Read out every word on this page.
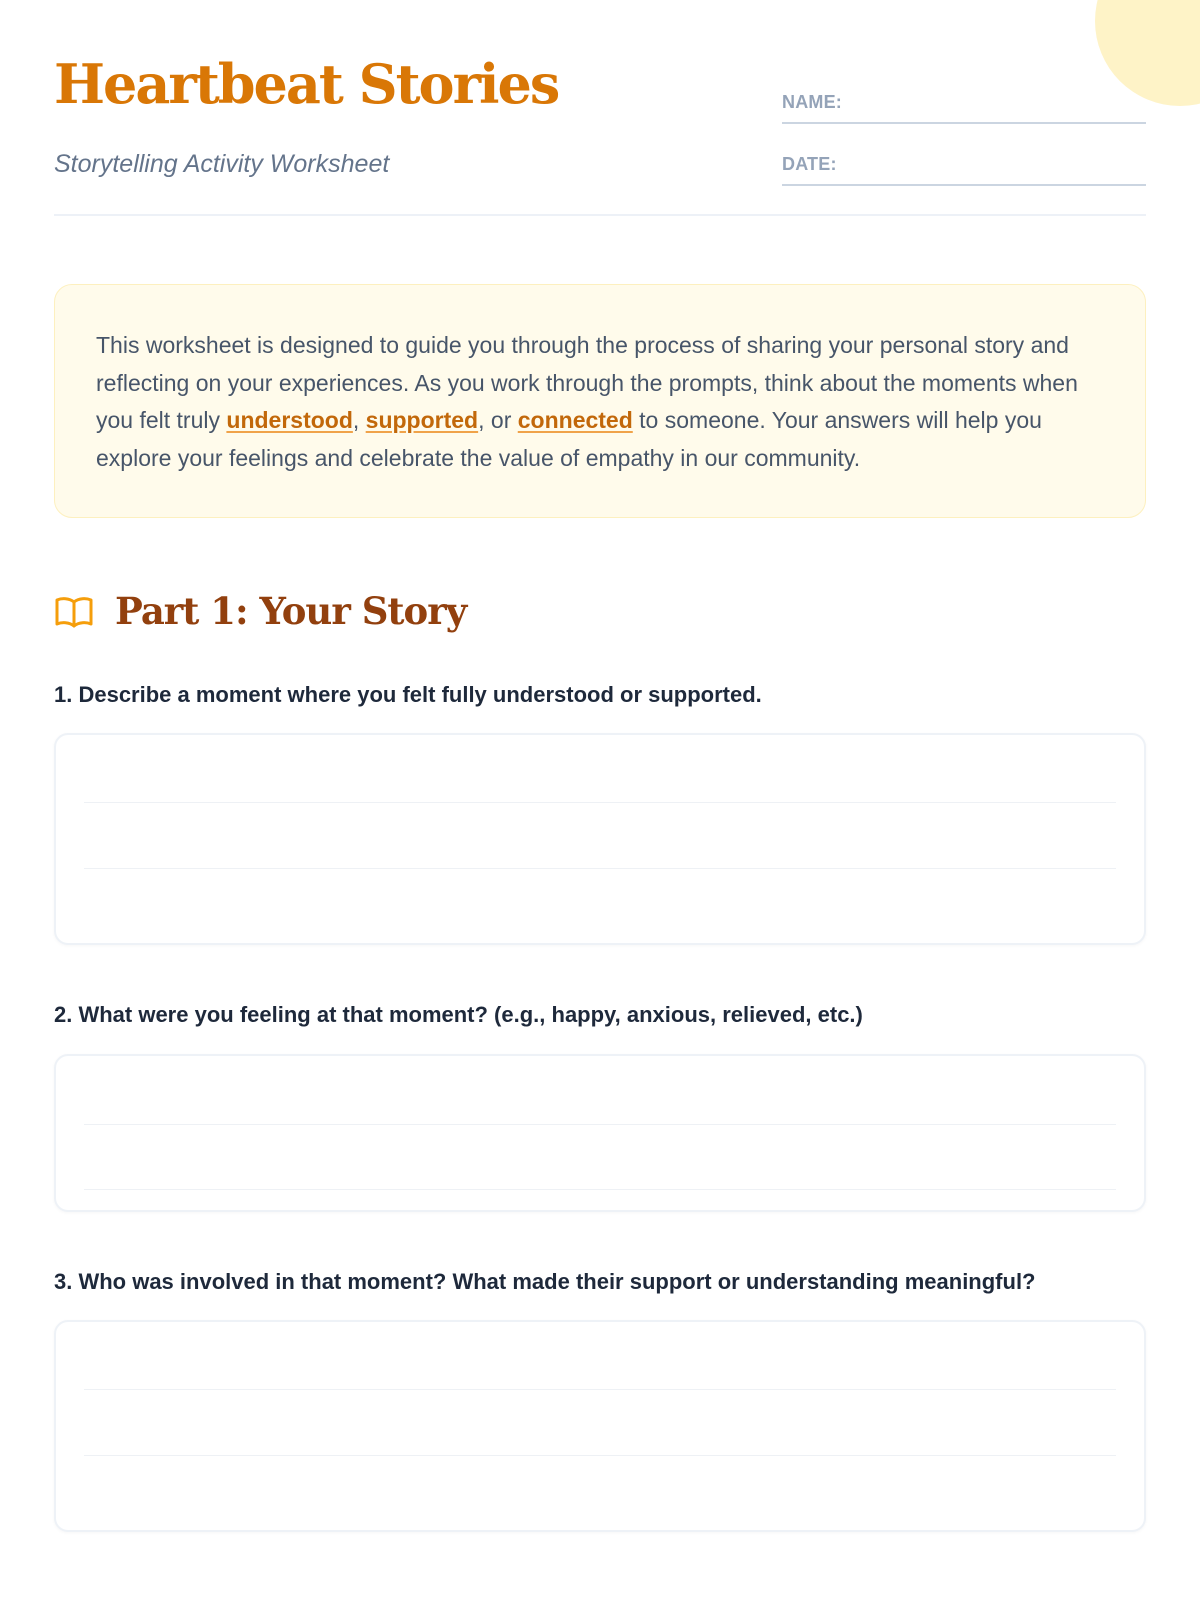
Heartbeat Stories
Storytelling Activity Worksheet
NAME:
DATE:

This worksheet is designed to guide you through the process of sharing your personal story and reflecting on your experiences. As you work through the prompts, think about the moments when you felt truly understood, supported, or connected to someone. Your answers will help you explore your feelings and celebrate the value of empathy in our community.

Part 1: Your Story
1. Describe a moment where you felt fully understood or supported.
2. What were you feeling at that moment? (e.g., happy, anxious, relieved, etc.)
3. Who was involved in that moment? What made their support or understanding meaningful?
